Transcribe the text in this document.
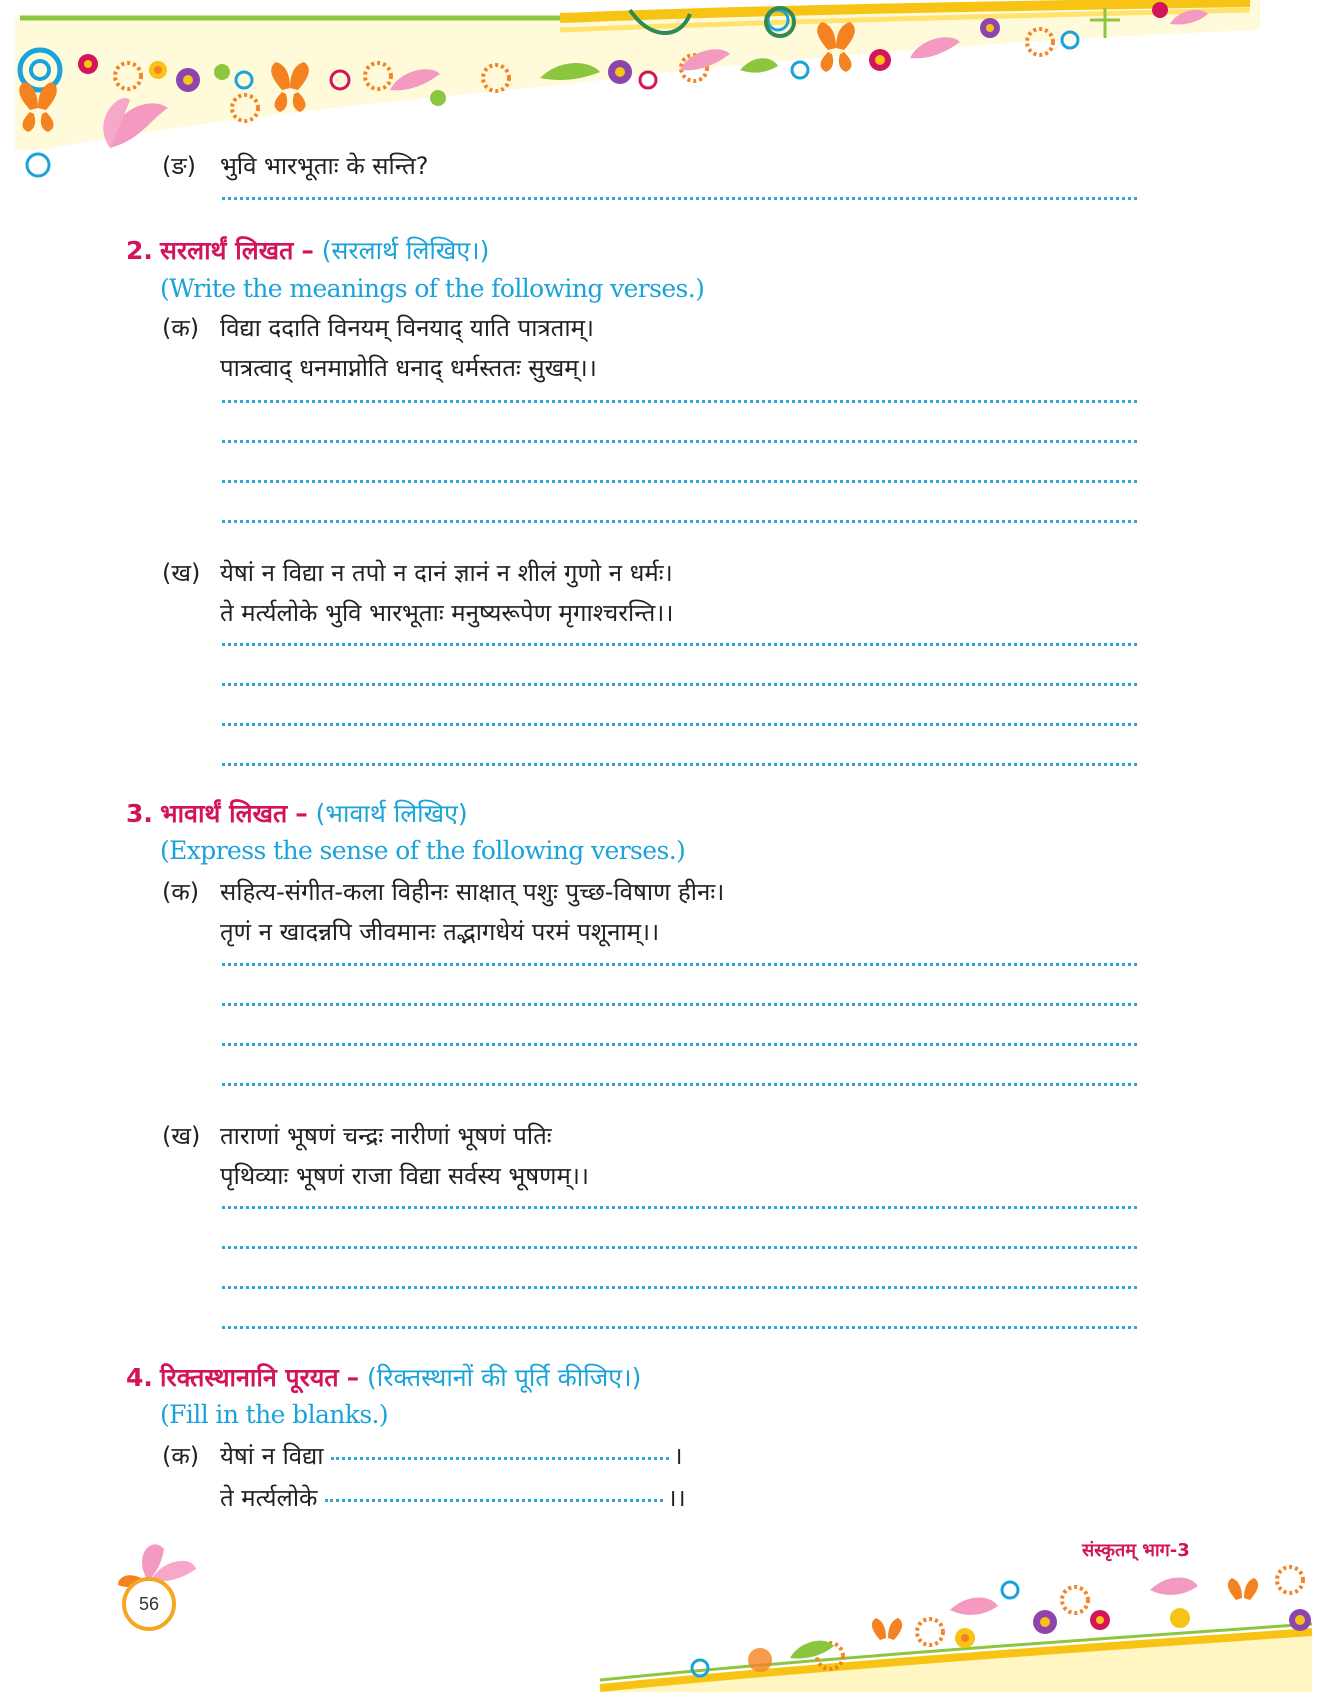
(ङ) भुवि भारभूताः के सन्ति?
2. सरलार्थं लिखत – (सरलार्थ लिखिए।)
(Write the meanings of the following verses.)
(क) विद्या ददाति विनयम् विनयाद् याति पात्रताम्।
पात्रत्वाद् धनमाप्नोति धनाद् धर्मस्ततः सुखम्।।
(ख) येषां न विद्या न तपो न दानं ज्ञानं न शीलं गुणो न धर्मः।
ते मर्त्यलोके भुवि भारभूताः मनुष्यरूपेण मृगाश्चरन्ति।।
3. भावार्थं लिखत – (भावार्थ लिखिए)
(Express the sense of the following verses.)
(क) सहित्य-संगीत-कला विहीनः साक्षात् पशुः पुच्छ-विषाण हीनः।
तृणं न खादन्नपि जीवमानः तद्भागधेयं परमं पशूनाम्।।
(ख) ताराणां भूषणं चन्द्रः नारीणां भूषणं पतिः
पृथिव्याः भूषणं राजा विद्या सर्वस्य भूषणम्।।
4. रिक्तस्थानानि पूरयत – (रिक्तस्थानों की पूर्ति कीजिए।)
(Fill in the blanks.)
(क) येषां न विद्या	।
ते मर्त्यलोके	।।
56
संस्कृतम् भाग-3
